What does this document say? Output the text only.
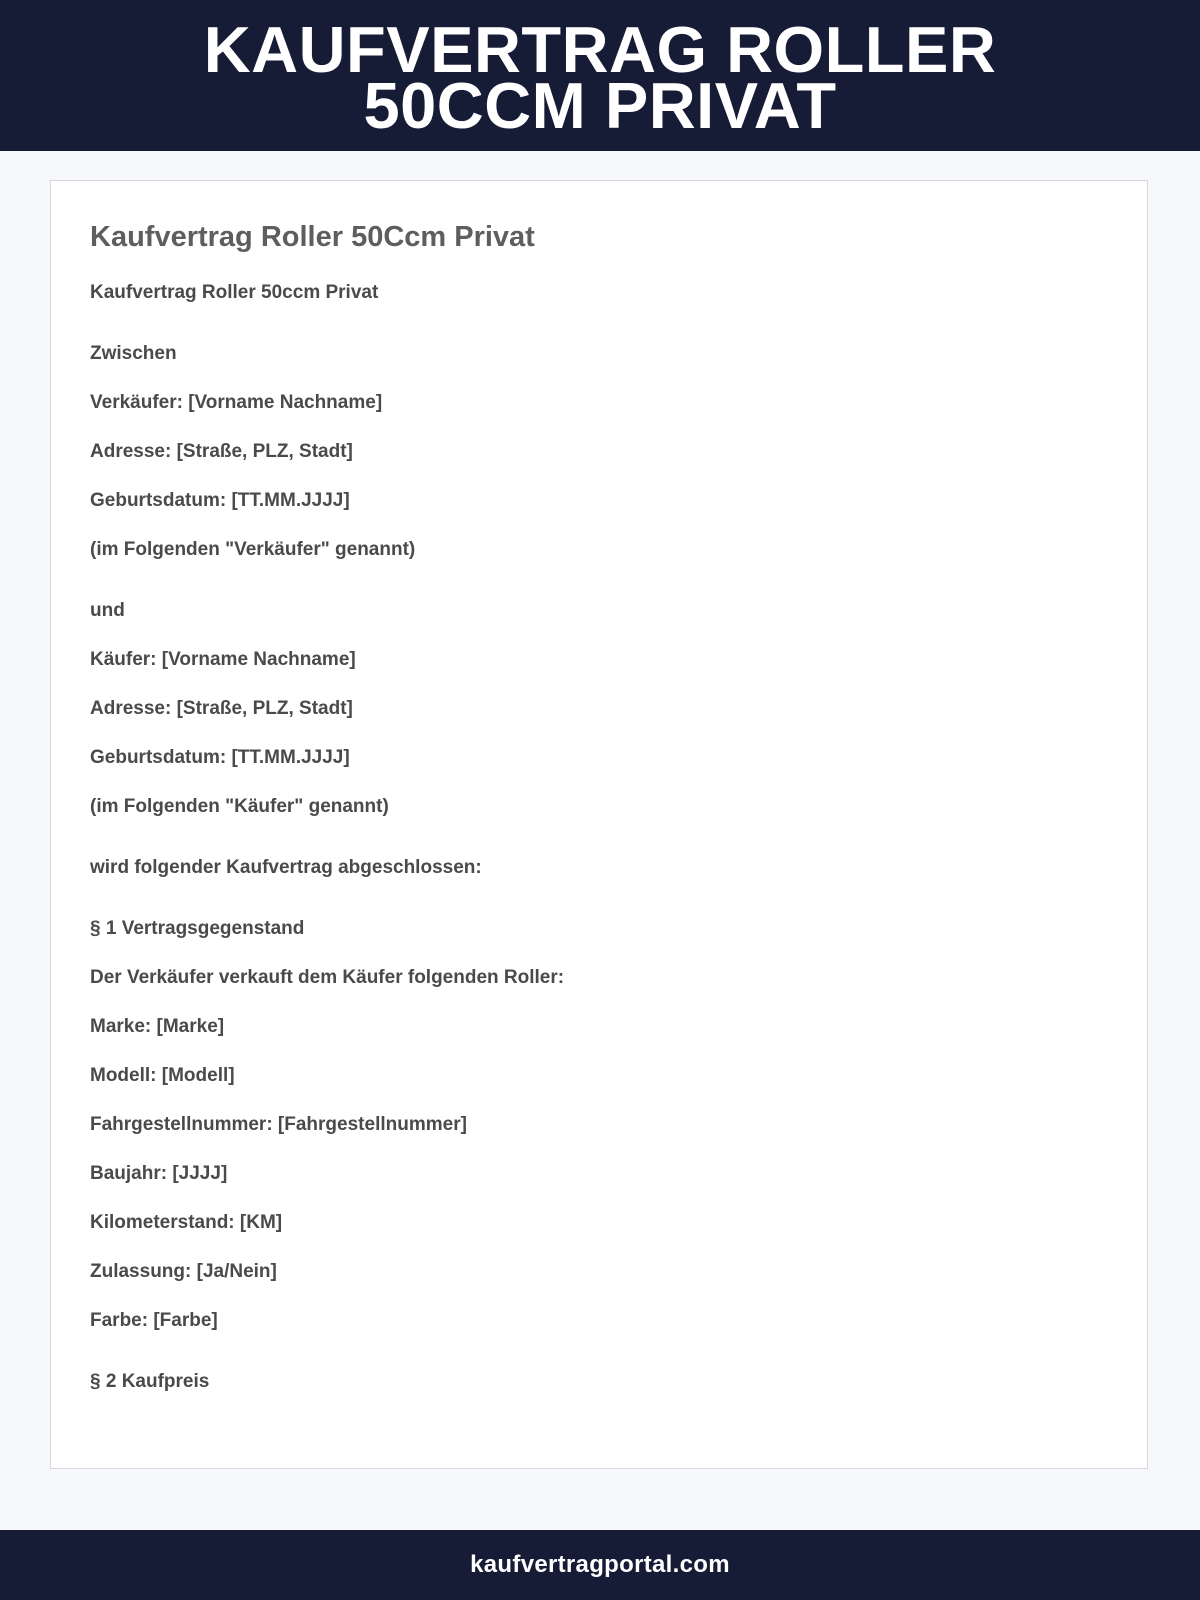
KAUFVERTRAG ROLLER 50CCM PRIVAT
Kaufvertrag Roller 50Ccm Privat

Kaufvertrag Roller 50ccm Privat

Zwischen

Verkäufer: [Vorname Nachname]

Adresse: [Straße, PLZ, Stadt]

Geburtsdatum: [TT.MM.JJJJ]

(im Folgenden "Verkäufer" genannt)

und

Käufer: [Vorname Nachname]

Adresse: [Straße, PLZ, Stadt]

Geburtsdatum: [TT.MM.JJJJ]

(im Folgenden "Käufer" genannt)

wird folgender Kaufvertrag abgeschlossen:

§ 1 Vertragsgegenstand

Der Verkäufer verkauft dem Käufer folgenden Roller:

Marke: [Marke]

Modell: [Modell]

Fahrgestellnummer: [Fahrgestellnummer]

Baujahr: [JJJJ]

Kilometerstand: [KM]

Zulassung: [Ja/Nein]

Farbe: [Farbe]

§ 2 Kaufpreis

kaufvertragportal.com
